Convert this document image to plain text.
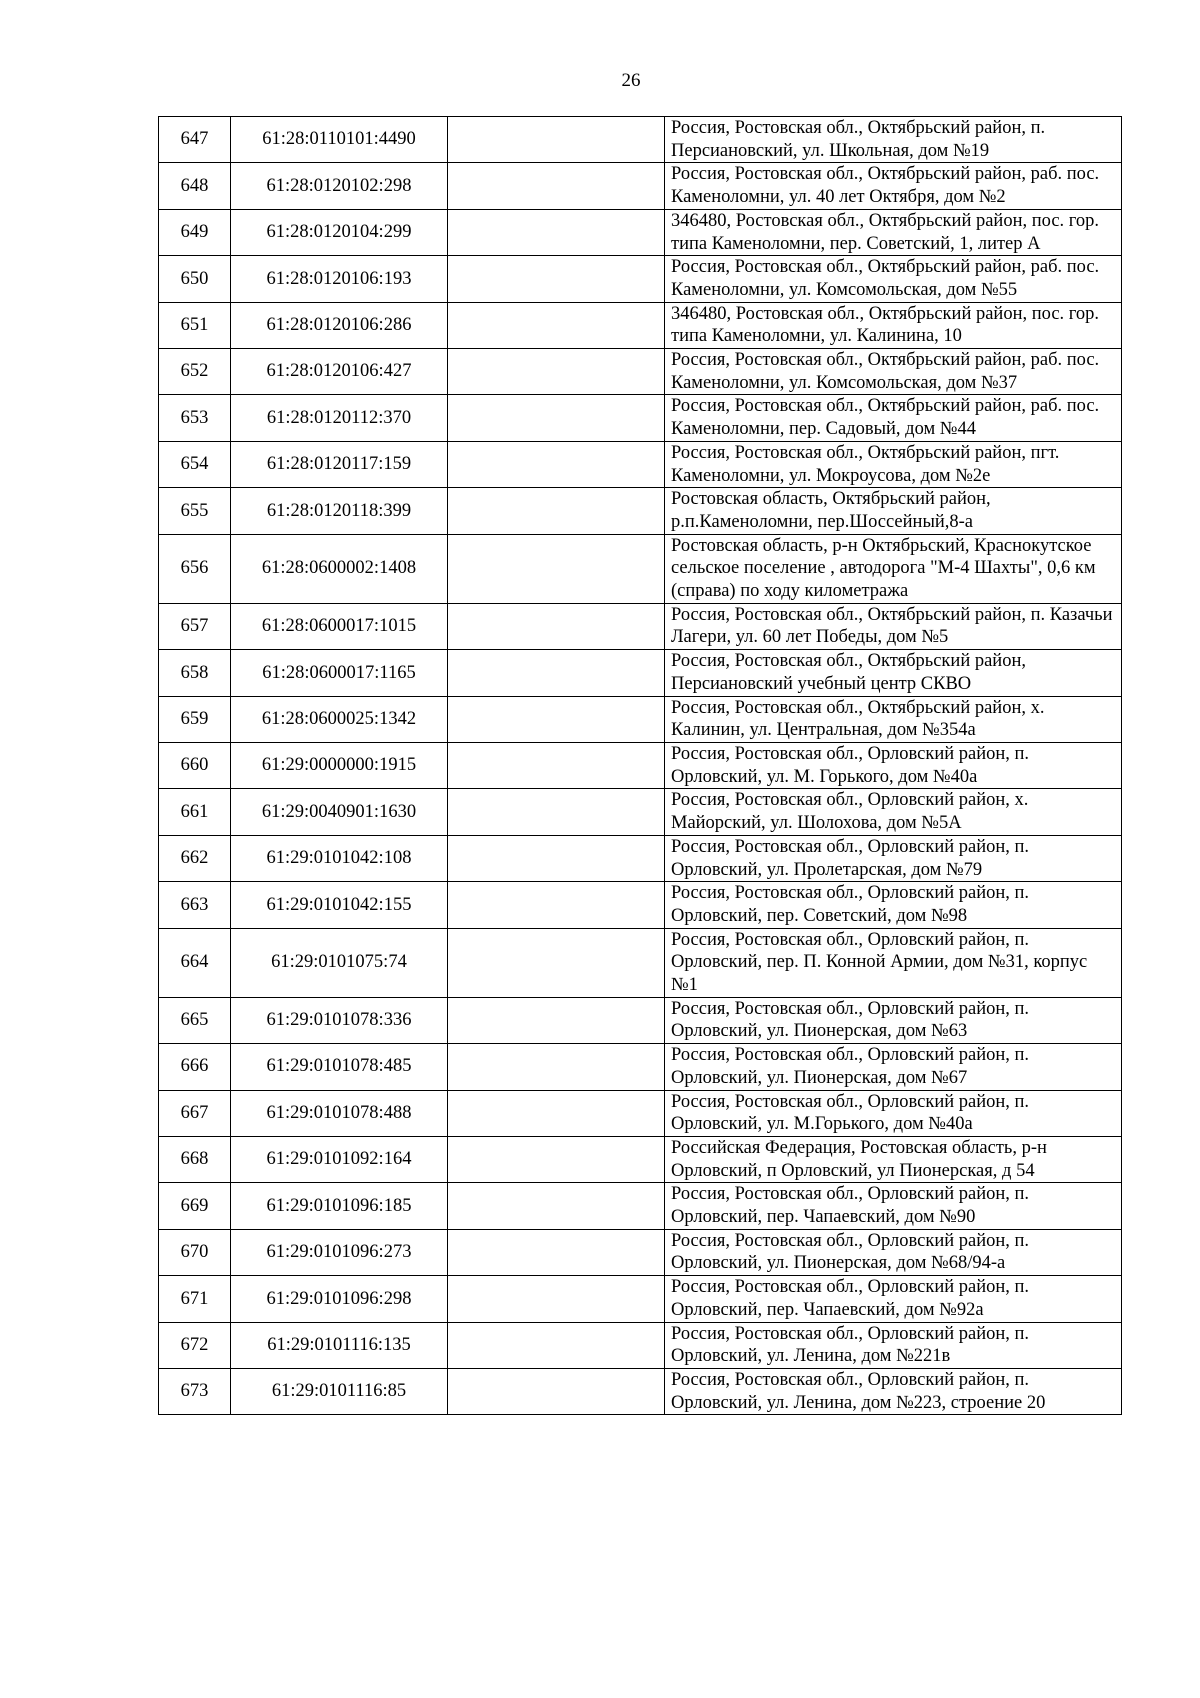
26
647	61:28:0110101:4490		Россия, Ростовская обл., Октябрьский район, п. Персиановский, ул. Школьная, дом №19
648	61:28:0120102:298		Россия, Ростовская обл., Октябрьский район, раб. пос. Каменоломни, ул. 40 лет Октября, дом №2
649	61:28:0120104:299		346480, Ростовская обл., Октябрьский район, пос. гор. типа Каменоломни, пер. Советский, 1, литер А
650	61:28:0120106:193		Россия, Ростовская обл., Октябрьский район, раб. пос. Каменоломни, ул. Комсомольская, дом №55
651	61:28:0120106:286		346480, Ростовская обл., Октябрьский район, пос. гор. типа Каменоломни, ул. Калинина, 10
652	61:28:0120106:427		Россия, Ростовская обл., Октябрьский район, раб. пос. Каменоломни, ул. Комсомольская, дом №37
653	61:28:0120112:370		Россия, Ростовская обл., Октябрьский район, раб. пос. Каменоломни, пер. Садовый, дом №44
654	61:28:0120117:159		Россия, Ростовская обл., Октябрьский район, пгт. Каменоломни, ул. Мокроусова, дом №2е
655	61:28:0120118:399		Ростовская область, Октябрьский район, р.п.Каменоломни, пер.Шоссейный,8-а
656	61:28:0600002:1408		Ростовская область, р-н Октябрьский, Краснокутское сельское поселение , автодорога "М-4 Шахты", 0,6 км (справа) по ходу километража
657	61:28:0600017:1015		Россия, Ростовская обл., Октябрьский район, п. Казачьи Лагери, ул. 60 лет Победы, дом №5
658	61:28:0600017:1165		Россия, Ростовская обл., Октябрьский район, Персиановский учебный центр СКВО
659	61:28:0600025:1342		Россия, Ростовская обл., Октябрьский район, х. Калинин, ул. Центральная, дом №354а
660	61:29:0000000:1915		Россия, Ростовская обл., Орловский район, п. Орловский, ул. М. Горького, дом №40а
661	61:29:0040901:1630		Россия, Ростовская обл., Орловский район, х. Майорский, ул. Шолохова, дом №5А
662	61:29:0101042:108		Россия, Ростовская обл., Орловский район, п. Орловский, ул. Пролетарская, дом №79
663	61:29:0101042:155		Россия, Ростовская обл., Орловский район, п. Орловский, пер. Советский, дом №98
664	61:29:0101075:74		Россия, Ростовская обл., Орловский район, п. Орловский, пер. П. Конной Армии, дом №31, корпус №1
665	61:29:0101078:336		Россия, Ростовская обл., Орловский район, п. Орловский, ул. Пионерская, дом №63
666	61:29:0101078:485		Россия, Ростовская обл., Орловский район, п. Орловский, ул. Пионерская, дом №67
667	61:29:0101078:488		Россия, Ростовская обл., Орловский район, п. Орловский, ул. М.Горького, дом №40а
668	61:29:0101092:164		Российская Федерация, Ростовская область, р-н Орловский, п Орловский, ул Пионерская, д 54
669	61:29:0101096:185		Россия, Ростовская обл., Орловский район, п. Орловский, пер. Чапаевский, дом №90
670	61:29:0101096:273		Россия, Ростовская обл., Орловский район, п. Орловский, ул. Пионерская, дом №68/94-а
671	61:29:0101096:298		Россия, Ростовская обл., Орловский район, п. Орловский, пер. Чапаевский, дом №92а
672	61:29:0101116:135		Россия, Ростовская обл., Орловский район, п. Орловский, ул. Ленина, дом №221в
673	61:29:0101116:85		Россия, Ростовская обл., Орловский район, п. Орловский, ул. Ленина, дом №223, строение 20
